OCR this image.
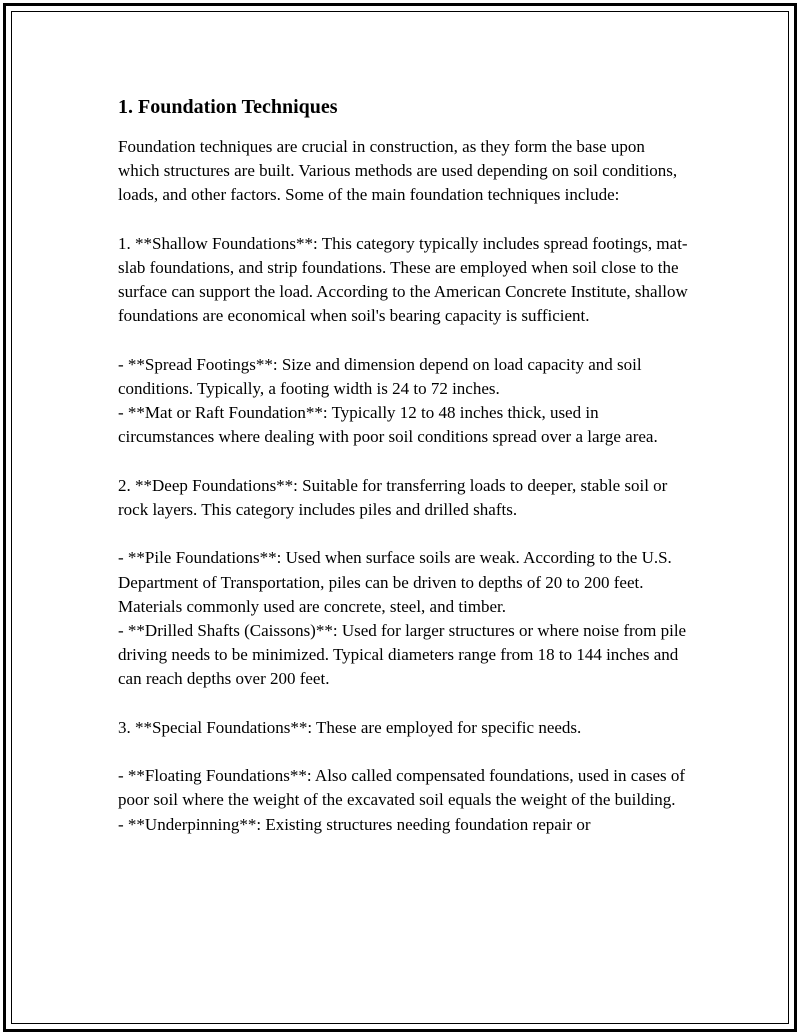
1. Foundation Techniques

Foundation techniques are crucial in construction, as they form the base upon which structures are built. Various methods are used depending on soil conditions, loads, and other factors. Some of the main foundation techniques include:

1. **Shallow Foundations**: This category typically includes spread footings, mat-slab foundations, and strip foundations. These are employed when soil close to the surface can support the load. According to the American Concrete Institute, shallow foundations are economical when soil's bearing capacity is sufficient.

- **Spread Footings**: Size and dimension depend on load capacity and soil conditions. Typically, a footing width is 24 to 72 inches.
- **Mat or Raft Foundation**: Typically 12 to 48 inches thick, used in circumstances where dealing with poor soil conditions spread over a large area.

2. **Deep Foundations**: Suitable for transferring loads to deeper, stable soil or rock layers. This category includes piles and drilled shafts.

- **Pile Foundations**: Used when surface soils are weak. According to the U.S. Department of Transportation, piles can be driven to depths of 20 to 200 feet. Materials commonly used are concrete, steel, and timber.
- **Drilled Shafts (Caissons)**: Used for larger structures or where noise from pile driving needs to be minimized. Typical diameters range from 18 to 144 inches and can reach depths over 200 feet.

3. **Special Foundations**: These are employed for specific needs.

- **Floating Foundations**: Also called compensated foundations, used in cases of poor soil where the weight of the excavated soil equals the weight of the building.
- **Underpinning**: Existing structures needing foundation repair or
